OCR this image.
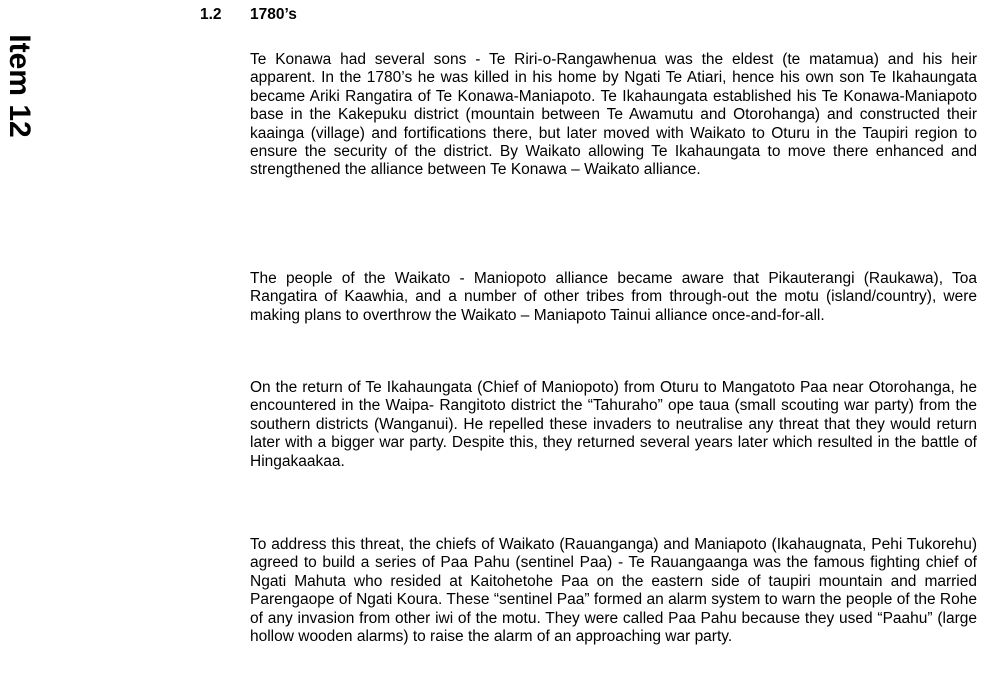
Item 12
1.2 1780’s

Te Konawa had several sons - Te Riri-o-Rangawhenua was the eldest (te matamua) and his heir apparent. In the 1780’s he was killed in his home by Ngati Te Atiari, hence his own son Te Ikahaungata became Ariki Rangatira of Te Konawa-Maniapoto. Te Ikahaungata established his Te Konawa-Maniapoto base in the Kakepuku district (mountain between Te Awamutu and Otorohanga) and constructed their kaainga (village) and fortifications there, but later moved with Waikato to Oturu in the Taupiri region to ensure the security of the district. By Waikato allowing Te Ikahaungata to move there enhanced and strengthened the alliance between Te Konawa – Waikato alliance.

The people of the Waikato - Maniopoto alliance became aware that Pikauterangi (Raukawa), Toa Rangatira of Kaawhia, and a number of other tribes from through-out the motu (island/country), were making plans to overthrow the Waikato – Maniapoto Tainui alliance once-and-for-all.

On the return of Te Ikahaungata (Chief of Maniopoto) from Oturu to Mangatoto Paa near Otorohanga, he encountered in the Waipa- Rangitoto district the “Tahuraho” ope taua (small scouting war party) from the southern districts (Wanganui). He repelled these invaders to neutralise any threat that they would return later with a bigger war party. Despite this, they returned several years later which resulted in the battle of Hingakaakaa.

To address this threat, the chiefs of Waikato (Rauanganga) and Maniapoto (Ikahaugnata, Pehi Tukorehu) agreed to build a series of Paa Pahu (sentinel Paa) - Te Rauangaanga was the famous fighting chief of Ngati Mahuta who resided at Kaitohetohe Paa on the eastern side of taupiri mountain and married Parengaope of Ngati Koura. These “sentinel Paa” formed an alarm system to warn the people of the Rohe of any invasion from other iwi of the motu. They were called Paa Pahu because they used “Paahu” (large hollow wooden alarms) to raise the alarm of an approaching war party.
